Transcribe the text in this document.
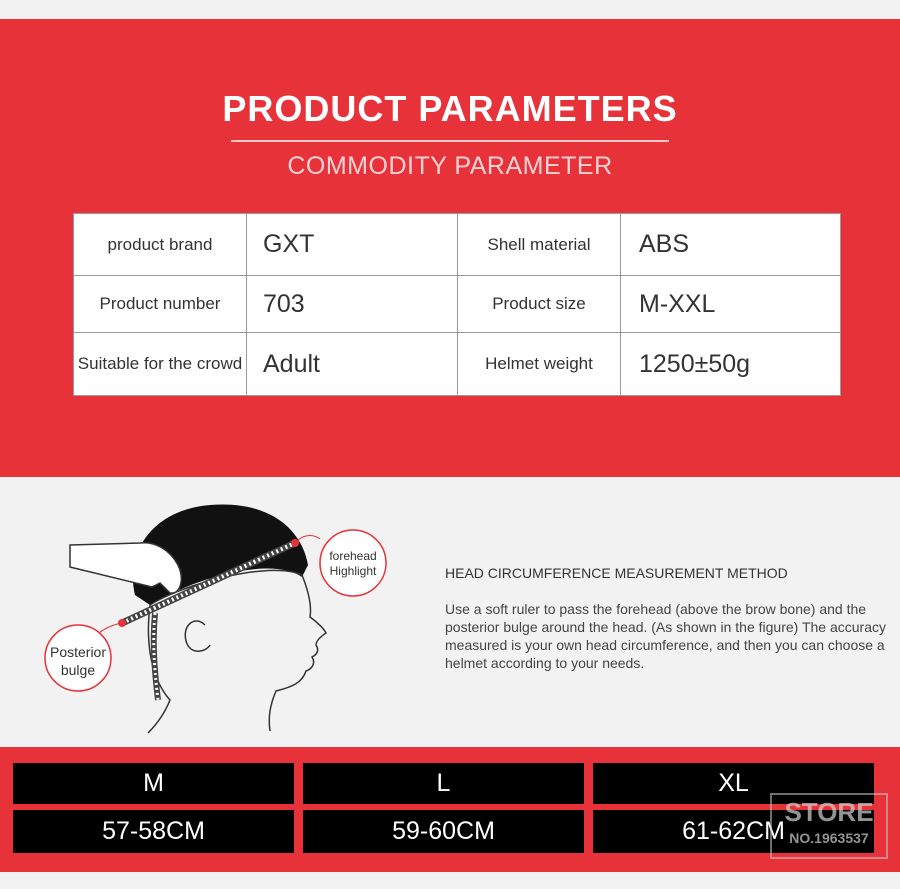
PRODUCT PARAMETERS
COMMODITY PARAMETER
product brand	GXT	Shell material	ABS
Product number	703	Product size	M-XXL
Suitable for the crowd	Adult	Helmet weight	1250±50g
forehead
Highlight
Posterior
bulge
HEAD CIRCUMFERENCE MEASUREMENT METHOD
Use a soft ruler to pass the forehead (above the brow bone) and the posterior bulge around the head. (As shown in the figure) The accuracy measured is your own head circumference, and then you can choose a helmet according to your needs.
M	L	XL
57-58CM	59-60CM	61-62CM
STORE
NO.1963537
